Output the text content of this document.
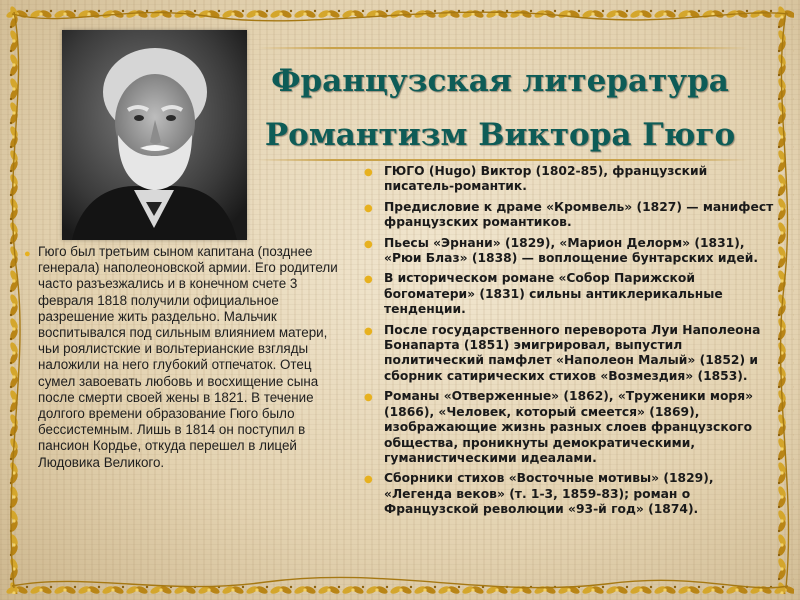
Французская литература
Романтизм Виктора Гюго
● Гюго был третьим сыном капитана (позднее генерала) наполеоновской армии. Его родители часто разъезжались и в конечном счете 3 февраля 1818 получили официальное разрешение жить раздельно. Мальчик воспитывался под сильным влиянием матери, чьи роялистские и вольтерианские взгляды наложили на него глубокий отпечаток. Отец сумел завоевать любовь и восхищение сына после смерти своей жены в 1821. В течение долгого времени образование Гюго было бессистемным. Лишь в 1814 он поступил в пансион Кордье, откуда перешел в лицей Людовика Великого.
● ГЮГО (Hugo) Виктор (1802-85), французский писатель-романтик.
● Предисловие к драме «Кромвель» (1827) — манифест французских романтиков.
● Пьесы «Эрнани» (1829), «Марион Делорм» (1831), «Рюи Блаз» (1838) — воплощение бунтарских идей.
● В историческом романе «Собор Парижской богоматери» (1831) сильны антиклерикальные тенденции.
● После государственного переворота Луи Наполеона Бонапарта (1851) эмигрировал, выпустил политический памфлет «Наполеон Малый» (1852) и сборник сатирических стихов «Возмездия» (1853).
● Романы «Отверженные» (1862), «Труженики моря» (1866), «Человек, который смеется» (1869), изображающие жизнь разных слоев французского общества, проникнуты демократическими, гуманистическими идеалами.
● Сборники стихов «Восточные мотивы» (1829), «Легенда веков» (т. 1-3, 1859-83); роман о Французской революции «93-й год» (1874).
